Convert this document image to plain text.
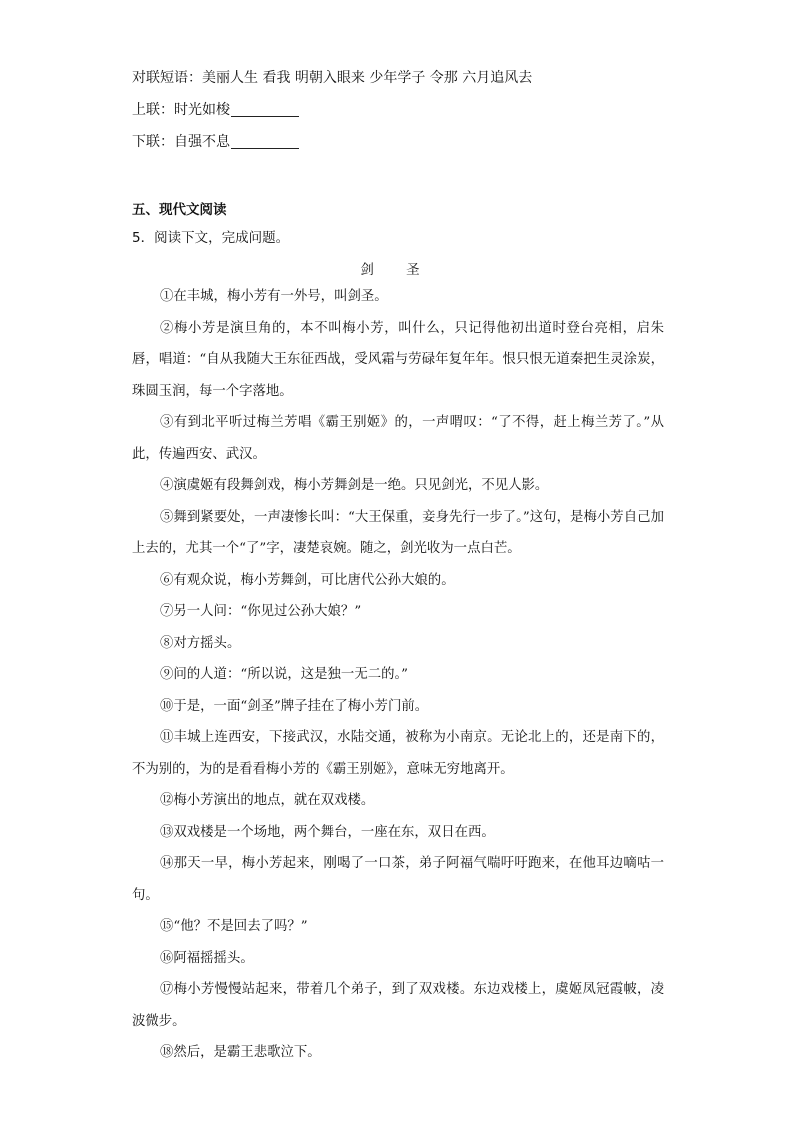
对联短语：美丽人生 看我 明朝入眼来 少年学子 令那 六月追风去
上联：时光如梭
下联：自强不息
五、现代文阅读
5．阅读下文，完成问题。
剑 圣

①在丰城，梅小芳有一外号，叫剑圣。

②梅小芳是演旦角的，本不叫梅小芳，叫什么，只记得他初出道时登台亮相，启朱唇，唱道：“自从我随大王东征西战，受风霜与劳碌年复年年。恨只恨无道秦把生灵涂炭，珠圆玉润，每一个字落地。

③有到北平听过梅兰芳唱《霸王别姬》的，一声喟叹：“了不得，赶上梅兰芳了。”从此，传遍西安、武汉。

④演虞姬有段舞剑戏，梅小芳舞剑是一绝。只见剑光，不见人影。

⑤舞到紧要处，一声凄惨长叫：“大王保重，妾身先行一步了。”这句，是梅小芳自己加上去的，尤其一个“了”字，凄楚哀婉。随之，剑光收为一点白芒。

⑥有观众说，梅小芳舞剑，可比唐代公孙大娘的。

⑦另一人问：“你见过公孙大娘？”

⑧对方摇头。

⑨问的人道：“所以说，这是独一无二的。”

⑩于是，一面“剑圣”牌子挂在了梅小芳门前。

⑪丰城上连西安，下接武汉，水陆交通，被称为小南京。无论北上的，还是南下的，不为别的，为的是看看梅小芳的《霸王别姬》，意味无穷地离开。

⑫梅小芳演出的地点，就在双戏楼。

⑬双戏楼是一个场地，两个舞台，一座在东，双日在西。

⑭那天一早，梅小芳起来，刚喝了一口茶，弟子阿福气喘吁吁跑来，在他耳边嘀咕一句。

⑮“他？不是回去了吗？”

⑯阿福摇摇头。

⑰梅小芳慢慢站起来，带着几个弟子，到了双戏楼。东边戏楼上，虞姬凤冠霞帔，凌波微步。

⑱然后，是霸王悲歌泣下。
